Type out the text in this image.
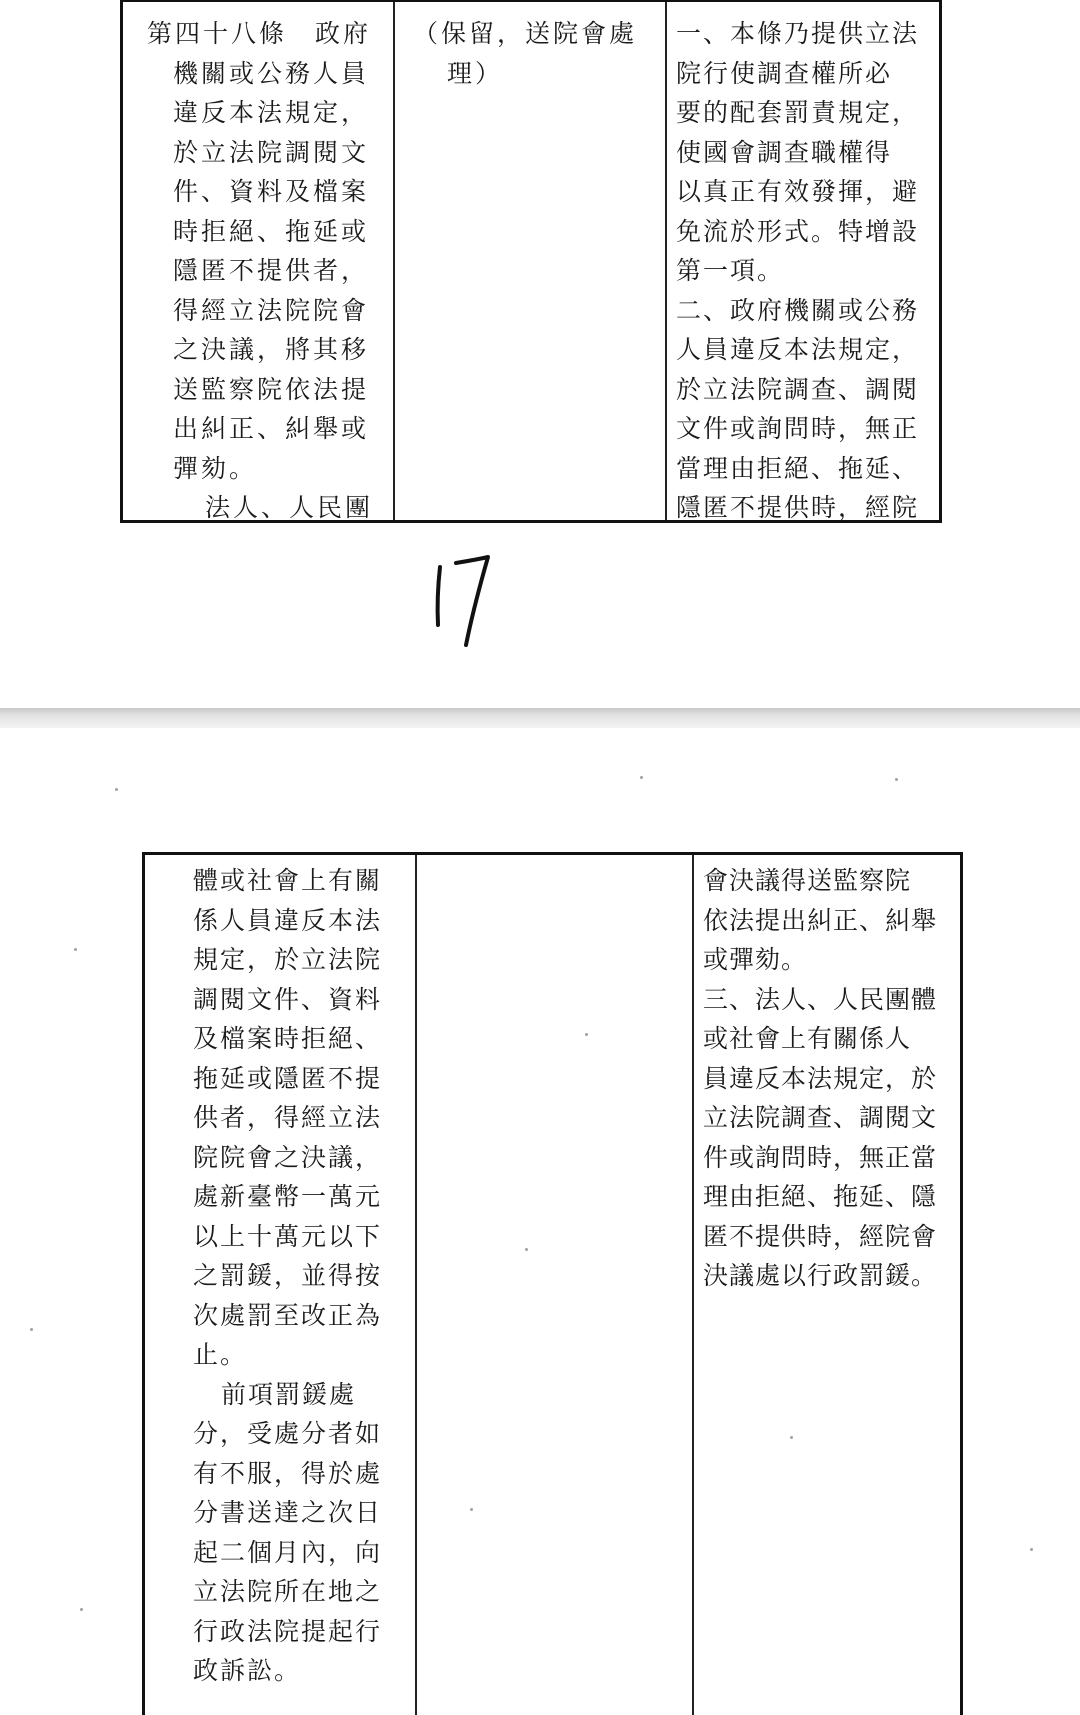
第四十八條　政府

機關或公務人員

違反本法規定，

於立法院調閱文

件、資料及檔案

時拒絕、拖延或

隱匿不提供者，

得經立法院院會

之決議，將其移

送監察院依法提

出糾正、糾舉或

彈劾。

法人、人民團

（保留，送院會處

理）

一、本條乃提供立法

院行使調查權所必

要的配套罰責規定，

使國會調查職權得

以真正有效發揮，避

免流於形式。特增設

第一項。

二、政府機關或公務

人員違反本法規定，

於立法院調查、調閱

文件或詢問時，無正

當理由拒絕、拖延、

隱匿不提供時，經院

體或社會上有關

係人員違反本法

規定，於立法院

調閱文件、資料

及檔案時拒絕、

拖延或隱匿不提

供者，得經立法

院院會之決議，

處新臺幣一萬元

以上十萬元以下

之罰鍰，並得按

次處罰至改正為

止。

前項罰鍰處

分，受處分者如

有不服，得於處

分書送達之次日

起二個月內，向

立法院所在地之

行政法院提起行

政訴訟。

會決議得送監察院

依法提出糾正、糾舉

或彈劾。

三、法人、人民團體

或社會上有關係人

員違反本法規定，於

立法院調查、調閱文

件或詢問時，無正當

理由拒絕、拖延、隱

匿不提供時，經院會

決議處以行政罰鍰。
